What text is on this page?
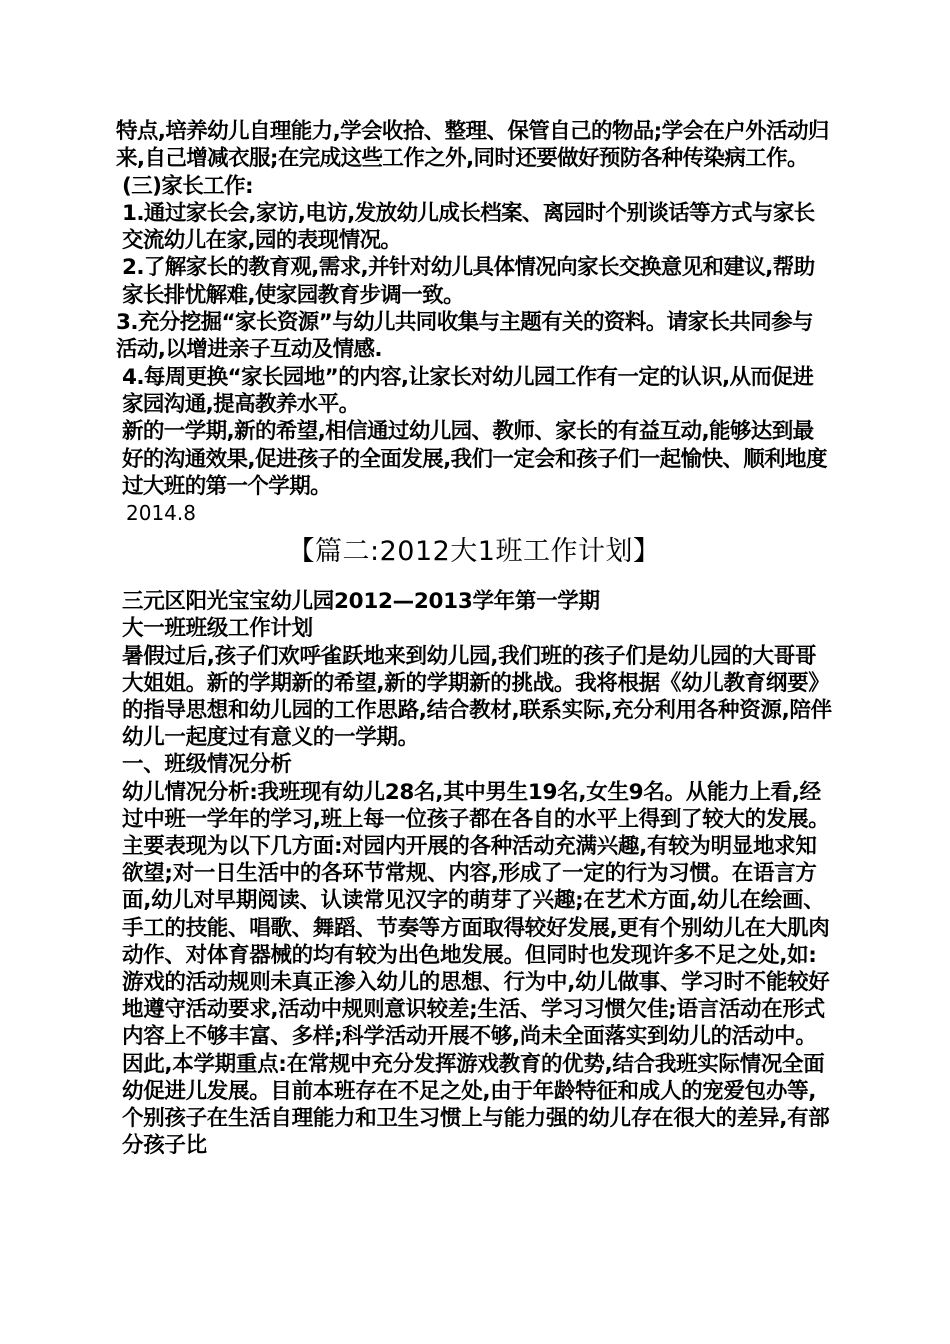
特点,培养幼儿自理能力,学会收拾、整理、保管自己的物品;学会在户外活动归来,自己增减衣服;在完成这些工作之外,同时还要做好预防各种传染病工作。

(三)家长工作:

1.通过家长会,家访,电访,发放幼儿成长档案、离园时个别谈话等方式与家长交流幼儿在家,园的表现情况。

2.了解家长的教育观,需求,并针对幼儿具体情况向家长交换意见和建议,帮助家长排忧解难,使家园教育步调一致。

3.充分挖掘“家长资源”与幼儿共同收集与主题有关的资料。请家长共同参与活动,以增进亲子互动及情感.

4.每周更换“家长园地”的内容,让家长对幼儿园工作有一定的认识,从而促进家园沟通,提高教养水平。

新的一学期,新的希望,相信通过幼儿园、教师、家长的有益互动,能够达到最好的沟通效果,促进孩子的全面发展,我们一定会和孩子们一起愉快、顺利地度过大班的第一个学期。

2014.8

【篇二:2012大1班工作计划】

三元区阳光宝宝幼儿园2012—2013学年第一学期

大一班班级工作计划

暑假过后,孩子们欢呼雀跃地来到幼儿园,我们班的孩子们是幼儿园的大哥哥大姐姐。新的学期新的希望,新的学期新的挑战。我将根据《幼儿教育纲要》的指导思想和幼儿园的工作思路,结合教材,联系实际,充分利用各种资源,陪伴幼儿一起度过有意义的一学期。

一、班级情况分析

幼儿情况分析:我班现有幼儿28名,其中男生19名,女生9名。从能力上看,经过中班一学年的学习,班上每一位孩子都在各自的水平上得到了较大的发展。主要表现为以下几方面:对园内开展的各种活动充满兴趣,有较为明显地求知欲望;对一日生活中的各环节常规、内容,形成了一定的行为习惯。在语言方面,幼儿对早期阅读、认读常见汉字的萌芽了兴趣;在艺术方面,幼儿在绘画、手工的技能、唱歌、舞蹈、节奏等方面取得较好发展,更有个别幼儿在大肌肉动作、对体育器械的均有较为出色地发展。但同时也发现许多不足之处,如:游戏的活动规则未真正渗入幼儿的思想、行为中,幼儿做事、学习时不能较好地遵守活动要求,活动中规则意识较差;生活、学习习惯欠佳;语言活动在形式内容上不够丰富、多样;科学活动开展不够,尚未全面落实到幼儿的活动中。因此,本学期重点:在常规中充分发挥游戏教育的优势,结合我班实际情况全面幼促进儿发展。目前本班存在不足之处,由于年龄特征和成人的宠爱包办等,个别孩子在生活自理能力和卫生习惯上与能力强的幼儿存在很大的差异,有部分孩子比
